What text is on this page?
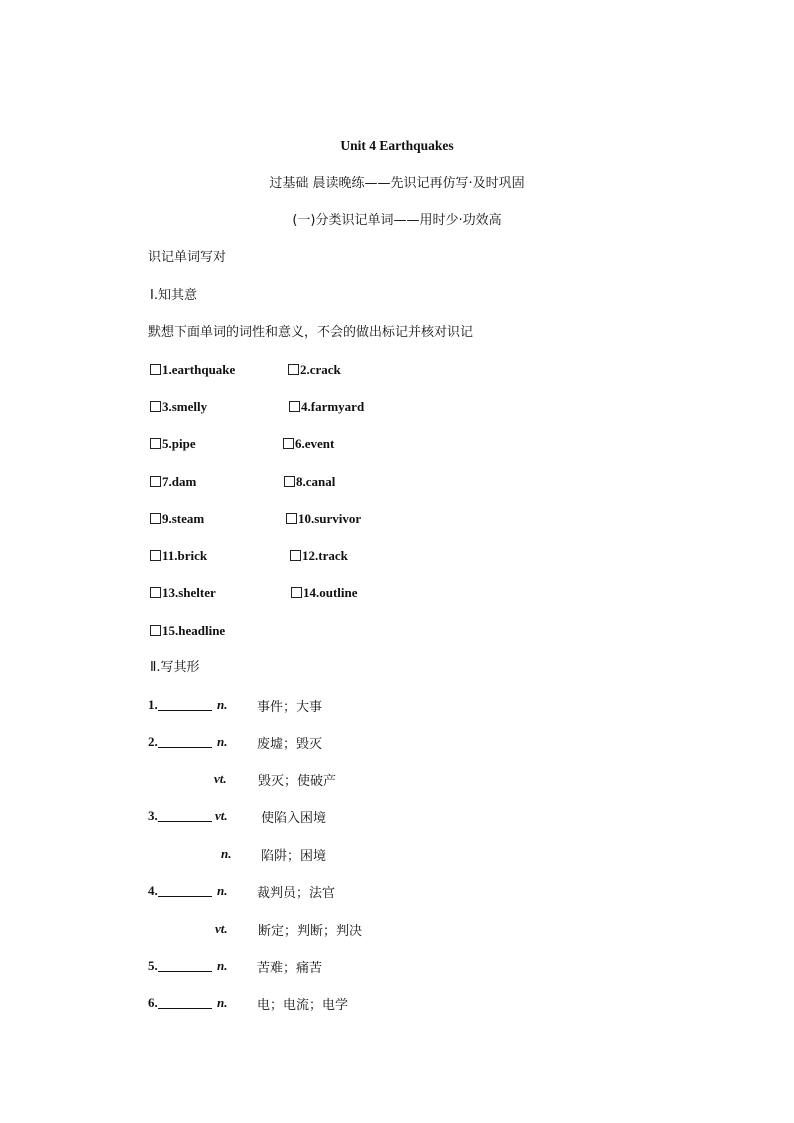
Unit 4 Earthquakes
过基础 晨读晚练——先识记再仿写·及时巩固
(一)分类识记单词——用时少·功效高
识记单词写对
Ⅰ.知其意
默想下面单词的词性和意义，不会的做出标记并核对识记
1.earthquake	2.crack
3.smelly	4.farmyard
5.pipe	6.event
7.dam	8.canal
9.steam	10.survivor
11.brick	12.track
13.shelter	14.outline
15.headline
Ⅱ.写其形
1.	n. 事件；大事
2.	n. 废墟；毁灭
vt. 毁灭；使破产
3.	vt.	使陷入困境
n. 陷阱；困境
4.	n. 裁判员；法官
vt. 断定；判断；判决
5.	n. 苦难；痛苦
6.	n. 电；电流；电学
